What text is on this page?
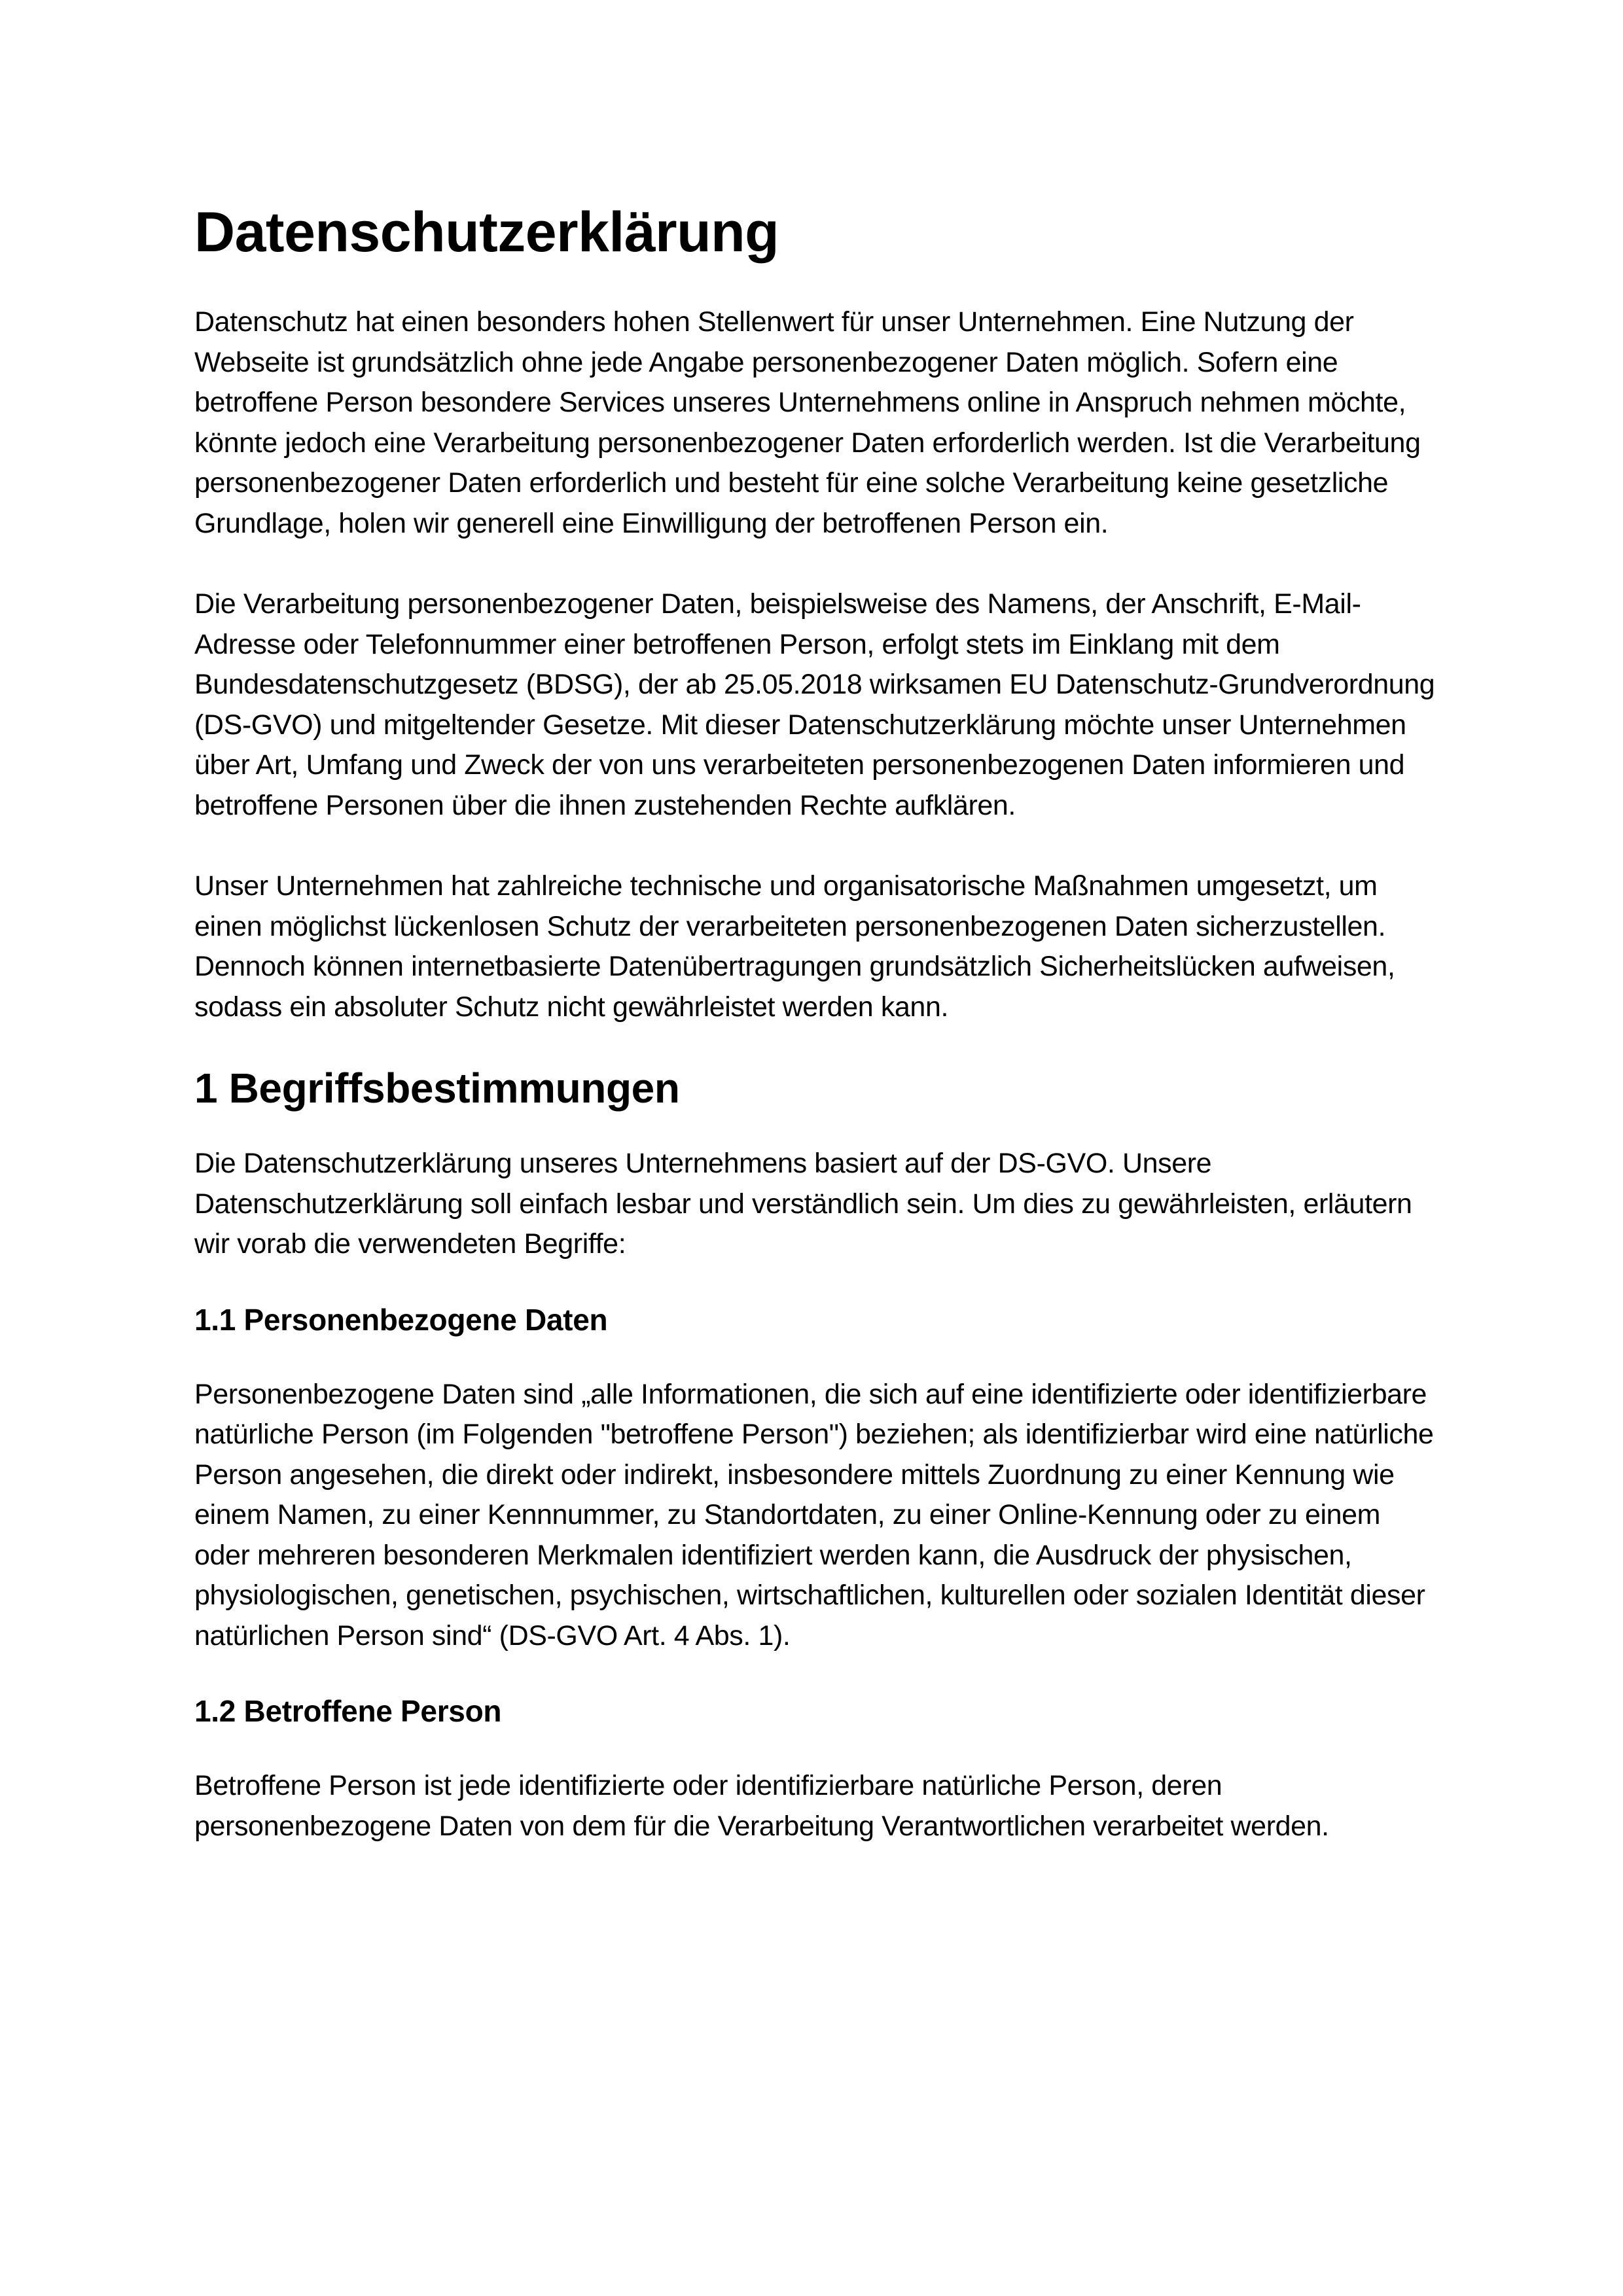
Datenschutzerklärung

Datenschutz hat einen besonders hohen Stellenwert für unser Unternehmen. Eine Nutzung der Webseite ist grundsätzlich ohne jede Angabe personenbezogener Daten möglich. Sofern eine betroffene Person besondere Services unseres Unternehmens online in Anspruch nehmen möchte, könnte jedoch eine Verarbeitung personenbezogener Daten erforderlich werden. Ist die Verarbeitung personenbezogener Daten erforderlich und besteht für eine solche Verarbeitung keine gesetzliche Grundlage, holen wir generell eine Einwilligung der betroffenen Person ein.

Die Verarbeitung personenbezogener Daten, beispielsweise des Namens, der Anschrift, E-Mail-Adresse oder Telefonnummer einer betroffenen Person, erfolgt stets im Einklang mit dem Bundesdatenschutzgesetz (BDSG), der ab 25.05.2018 wirksamen EU Datenschutz-Grundverordnung (DS-GVO) und mitgeltender Gesetze. Mit dieser Datenschutzerklärung möchte unser Unternehmen über Art, Umfang und Zweck der von uns verarbeiteten personenbezogenen Daten informieren und betroffene Personen über die ihnen zustehenden Rechte aufklären.

Unser Unternehmen hat zahlreiche technische und organisatorische Maßnahmen umgesetzt, um einen möglichst lückenlosen Schutz der verarbeiteten personenbezogenen Daten sicherzustellen. Dennoch können internetbasierte Datenübertragungen grundsätzlich Sicherheitslücken aufweisen, sodass ein absoluter Schutz nicht gewährleistet werden kann.

1 Begriffsbestimmungen

Die Datenschutzerklärung unseres Unternehmens basiert auf der DS-GVO. Unsere Datenschutzerklärung soll einfach lesbar und verständlich sein. Um dies zu gewährleisten, erläutern wir vorab die verwendeten Begriffe:

1.1 Personenbezogene Daten

Personenbezogene Daten sind „alle Informationen, die sich auf eine identifizierte oder identifizierbare natürliche Person (im Folgenden "betroffene Person") beziehen; als identifizierbar wird eine natürliche Person angesehen, die direkt oder indirekt, insbesondere mittels Zuordnung zu einer Kennung wie einem Namen, zu einer Kennnummer, zu Standortdaten, zu einer Online-Kennung oder zu einem oder mehreren besonderen Merkmalen identifiziert werden kann, die Ausdruck der physischen, physiologischen, genetischen, psychischen, wirtschaftlichen, kulturellen oder sozialen Identität dieser natürlichen Person sind“ (DS-GVO Art. 4 Abs. 1).

1.2 Betroffene Person

Betroffene Person ist jede identifizierte oder identifizierbare natürliche Person, deren personenbezogene Daten von dem für die Verarbeitung Verantwortlichen verarbeitet werden.
